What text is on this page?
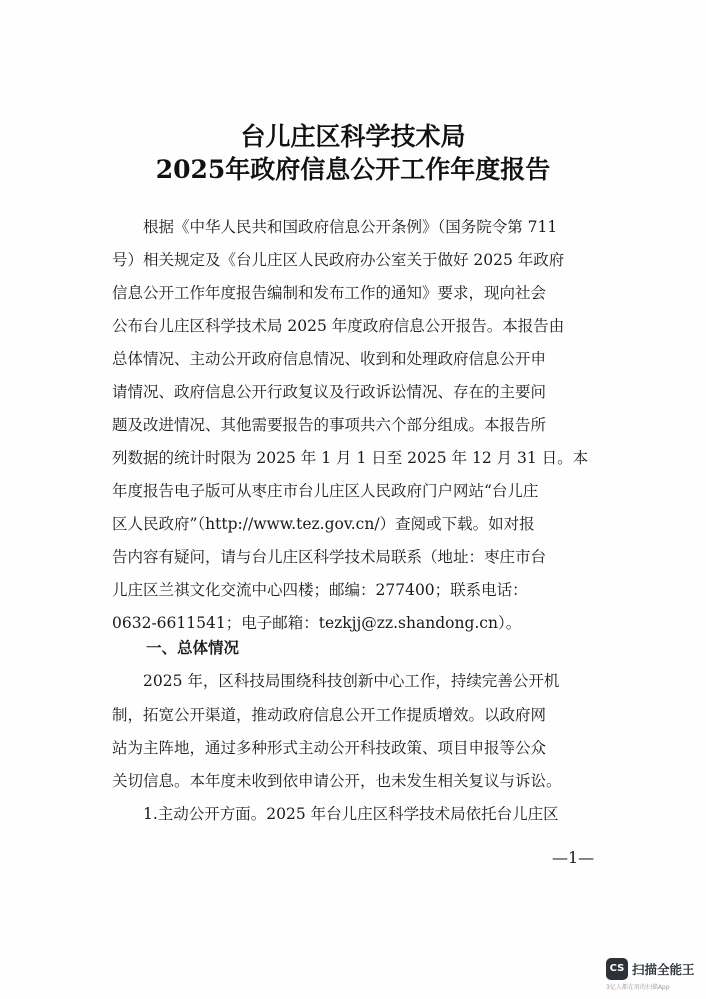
台儿庄区科学技术局
2025年政府信息公开工作年度报告
　　根据《中华人民共和国政府信息公开条例》（国务院令第 711
号）相关规定及《台儿庄区人民政府办公室关于做好 2025 年政府
信息公开工作年度报告编制和发布工作的通知》要求，现向社会
公布台儿庄区科学技术局 2025 年度政府信息公开报告。本报告由
总体情况、主动公开政府信息情况、收到和处理政府信息公开申
请情况、政府信息公开行政复议及行政诉讼情况、存在的主要问
题及改进情况、其他需要报告的事项共六个部分组成。本报告所
列数据的统计时限为 2025 年 1 月 1 日至 2025 年 12 月 31 日。本
年度报告电子版可从枣庄市台儿庄区人民政府门户网站“台儿庄
区人民政府”（http://www.tez.gov.cn/）查阅或下载。如对报
告内容有疑问，请与台儿庄区科学技术局联系（地址：枣庄市台
儿庄区兰祺文化交流中心四楼；邮编：277400；联系电话：
0632-6611541；电子邮箱：tezkjj@zz.shandong.cn）。
一、总体情况
　　2025 年，区科技局围绕科技创新中心工作，持续完善公开机
制，拓宽公开渠道，推动政府信息公开工作提质增效。以政府网
站为主阵地，通过多种形式主动公开科技政策、项目申报等公众
关切信息。本年度未收到依申请公开，也未发生相关复议与诉讼。
　　1.主动公开方面。2025 年台儿庄区科学技术局依托台儿庄区
—1—
CS 扫描全能王
3亿人都在用的扫描App
